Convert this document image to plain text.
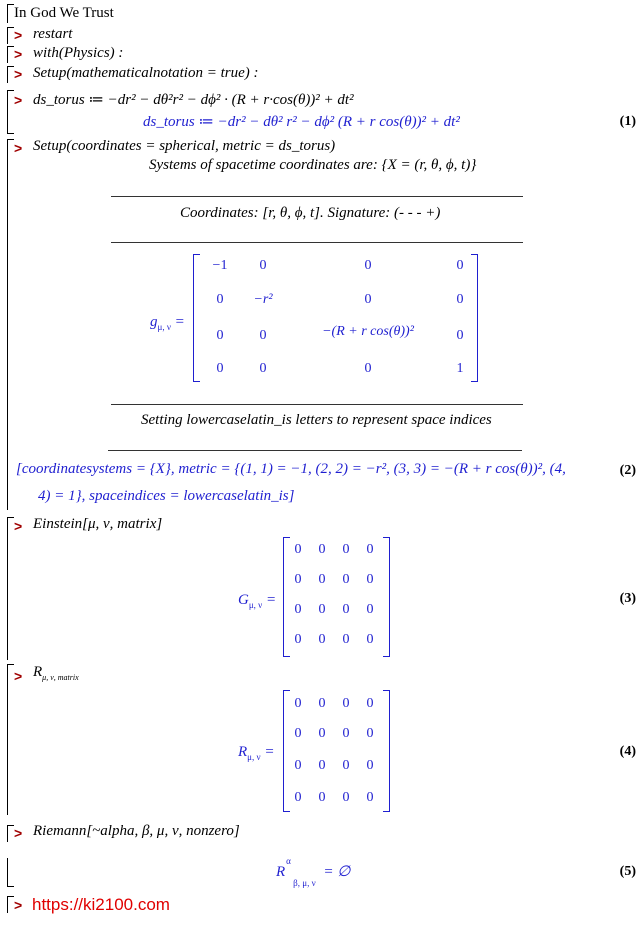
In God We Trust
> restart
> with(Physics) :
> Setup(mathematicalnotation = true) :
> ds_torus ≔ −dr² − dθ²r² − dϕ² · (R + r·cos(θ))² + dt²
ds_torus ≔ −dr² − dθ² r² − dϕ² (R + r cos(θ))² + dt²	(1)
> Setup(coordinates = spherical, metric = ds_torus)
Systems of spacetime coordinates are: {X = (r, θ, ϕ, t)}
Coordinates: [r, θ, ϕ, t]. Signature: (- - - +)
$g_{\mu, \nu}$ =
−1	0	0	0
0	−r²	0	0
0	0	−(R + r cos(θ))²	0
0	0	0	1
Setting lowercaselatin_is letters to represent space indices
[coordinatesystems = {X}, metric = {(1, 1) = −1, (2, 2) = −r², (3, 3) = −(R + r cos(θ))², (4,
4) = 1}, spaceindices = lowercaselatin_is]
(2)
> Einstein[μ, ν, matrix]
$G_{\mu, \nu}$ =
0	0	0	0
0	0	0	0
0	0	0	0
0	0	0	0
(3)
> $R_{\mu, \nu, matrix}$
$R_{\mu, \nu}$ =
0	0	0	0
0	0	0	0
0	0	0	0
0	0	0	0
(4)
> Riemann[~alpha, β, μ, ν, nonzero]
R
α
$_{\beta, \mu, \nu}$ = ∅	(5)
> https://ki2100.com
